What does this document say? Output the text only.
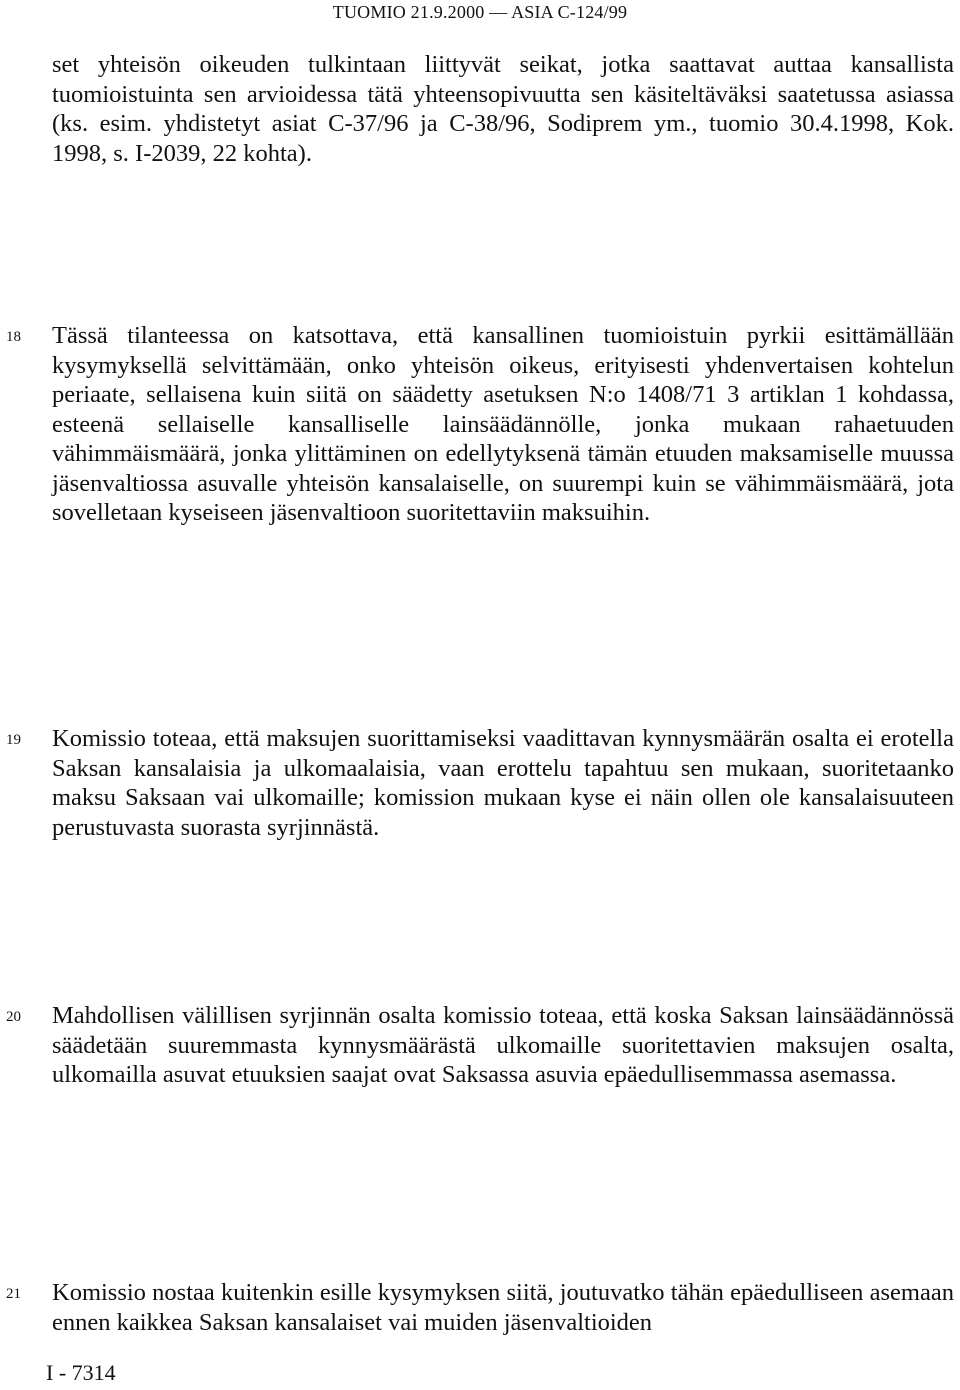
TUOMIO 21.9.2000 — ASIA C-124/99

set yhteisön oikeuden tulkintaan liittyvät seikat, jotka saattavat auttaa kansallista tuomioistuinta sen arvioidessa tätä yhteensopivuutta sen käsiteltäväksi saatetussa asiassa (ks. esim. yhdistetyt asiat C-37/96 ja C-38/96, Sodiprem ym., tuomio 30.4.1998, Kok. 1998, s. I-2039, 22 kohta).

18 Tässä tilanteessa on katsottava, että kansallinen tuomioistuin pyrkii esittämällään kysymyksellä selvittämään, onko yhteisön oikeus, erityisesti yhdenvertaisen kohtelun periaate, sellaisena kuin siitä on säädetty asetuksen N:o 1408/71 3 artiklan 1 kohdassa, esteenä sellaiselle kansalliselle lainsäädännölle, jonka mukaan rahaetuuden vähimmäismäärä, jonka ylittäminen on edellytyksenä tämän etuuden maksamiselle muussa jäsenvaltiossa asuvalle yhteisön kansalaiselle, on suurempi kuin se vähimmäismäärä, jota sovelletaan kyseiseen jäsenvaltioon suoritettaviin maksuihin.

19 Komissio toteaa, että maksujen suorittamiseksi vaadittavan kynnysmäärän osalta ei erotella Saksan kansalaisia ja ulkomaalaisia, vaan erottelu tapahtuu sen mukaan, suoritetaanko maksu Saksaan vai ulkomaille; komission mukaan kyse ei näin ollen ole kansalaisuuteen perustuvasta suorasta syrjinnästä.

20 Mahdollisen välillisen syrjinnän osalta komissio toteaa, että koska Saksan lainsäädännössä säädetään suuremmasta kynnysmäärästä ulkomaille suoritettavien maksujen osalta, ulkomailla asuvat etuuksien saajat ovat Saksassa asuvia epäedullisemmassa asemassa.

21 Komissio nostaa kuitenkin esille kysymyksen siitä, joutuvatko tähän epäedulliseen asemaan ennen kaikkea Saksan kansalaiset vai muiden jäsenvaltioiden

I - 7314
